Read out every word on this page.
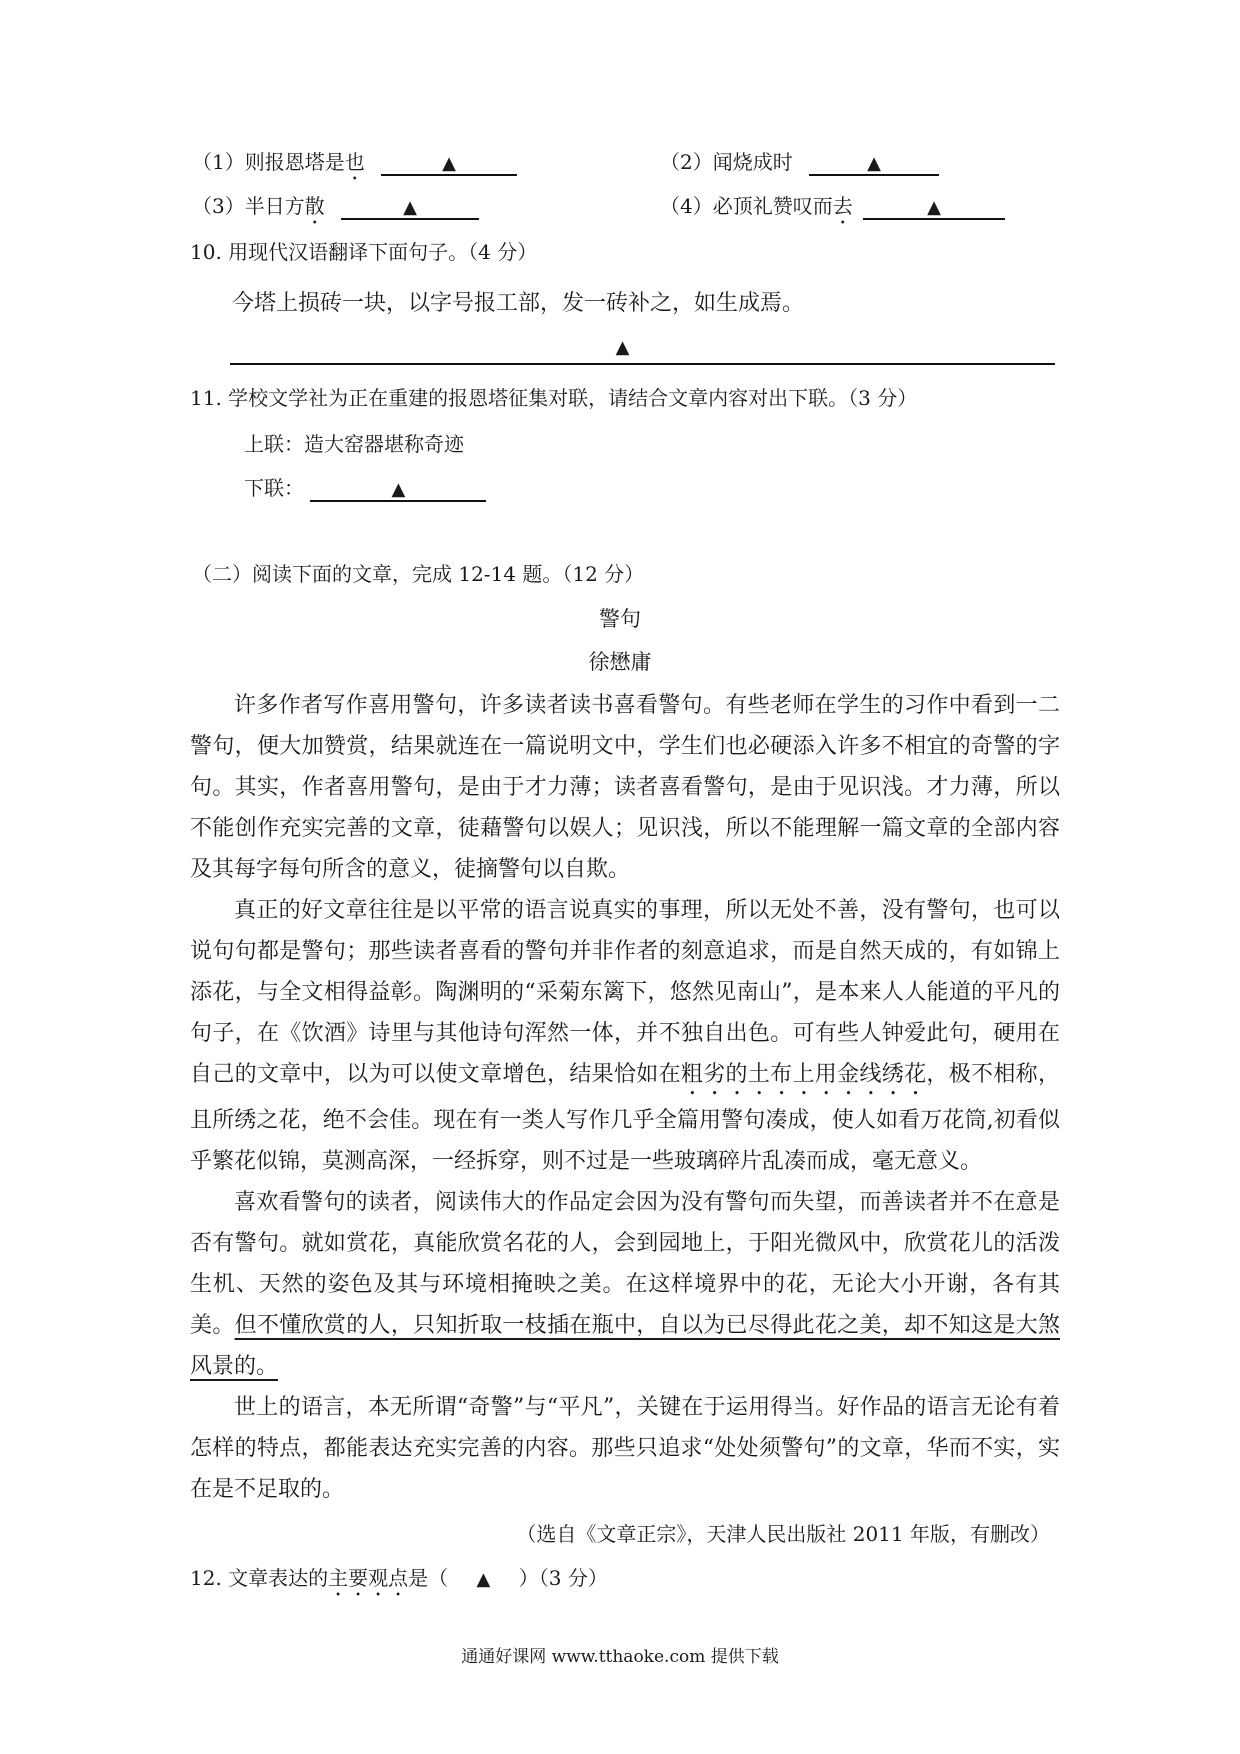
（1）则报恩塔是也	▲	（2）闻烧成时	▲
（3）半日方散	▲	（4）必顶礼赞叹而去	▲
10. 用现代汉语翻译下面句子。（4 分）
今塔上损砖一块，以字号报工部，发一砖补之，如生成焉。
▲
11. 学校文学社为正在重建的报恩塔征集对联，请结合文章内容对出下联。（3 分）
上联：造大窑器堪称奇迹
下联：	▲
（二）阅读下面的文章，完成 12-14 题。（12 分）
警句
徐懋庸

许多作者写作喜用警句，许多读者读书喜看警句。有些老师在学生的习作中看到一二警句，便大加赞赏，结果就连在一篇说明文中，学生们也必硬添入许多不相宜的奇警的字句。其实，作者喜用警句，是由于才力薄；读者喜看警句，是由于见识浅。才力薄，所以不能创作充实完善的文章，徒藉警句以娱人；见识浅，所以不能理解一篇文章的全部内容及其每字每句所含的意义，徒摘警句以自欺。

真正的好文章往往是以平常的语言说真实的事理，所以无处不善，没有警句，也可以说句句都是警句；那些读者喜看的警句并非作者的刻意追求，而是自然天成的，有如锦上添花，与全文相得益彰。陶渊明的“采菊东篱下，悠然见南山”，是本来人人能道的平凡的句子，在《饮酒》诗里与其他诗句浑然一体，并不独自出色。可有些人钟爱此句，硬用在自己的文章中，以为可以使文章增色，结果恰如在粗劣的土布上用金线绣花，极不相称，且所绣之花，绝不会佳。现在有一类人写作几乎全篇用警句凑成，使人如看万花筒,初看似乎繁花似锦，莫测高深，一经拆穿，则不过是一些玻璃碎片乱凑而成，毫无意义。

喜欢看警句的读者，阅读伟大的作品定会因为没有警句而失望，而善读者并不在意是否有警句。就如赏花，真能欣赏名花的人，会到园地上，于阳光微风中，欣赏花儿的活泼生机、天然的姿色及其与环境相掩映之美。在这样境界中的花，无论大小开谢，各有其美。但不懂欣赏的人，只知折取一枝插在瓶中，自以为已尽得此花之美，却不知这是大煞风景的。

世上的语言，本无所谓“奇警”与“平凡”，关键在于运用得当。好作品的语言无论有着怎样的特点，都能表达充实完善的内容。那些只追求“处处须警句”的文章，华而不实，实在是不足取的。

（选自《文章正宗》，天津人民出版社 2011 年版，有删改）
12. 文章表达的主要观点是（ ▲ ）（3 分）
通通好课网 www.tthaoke.com 提供下载
